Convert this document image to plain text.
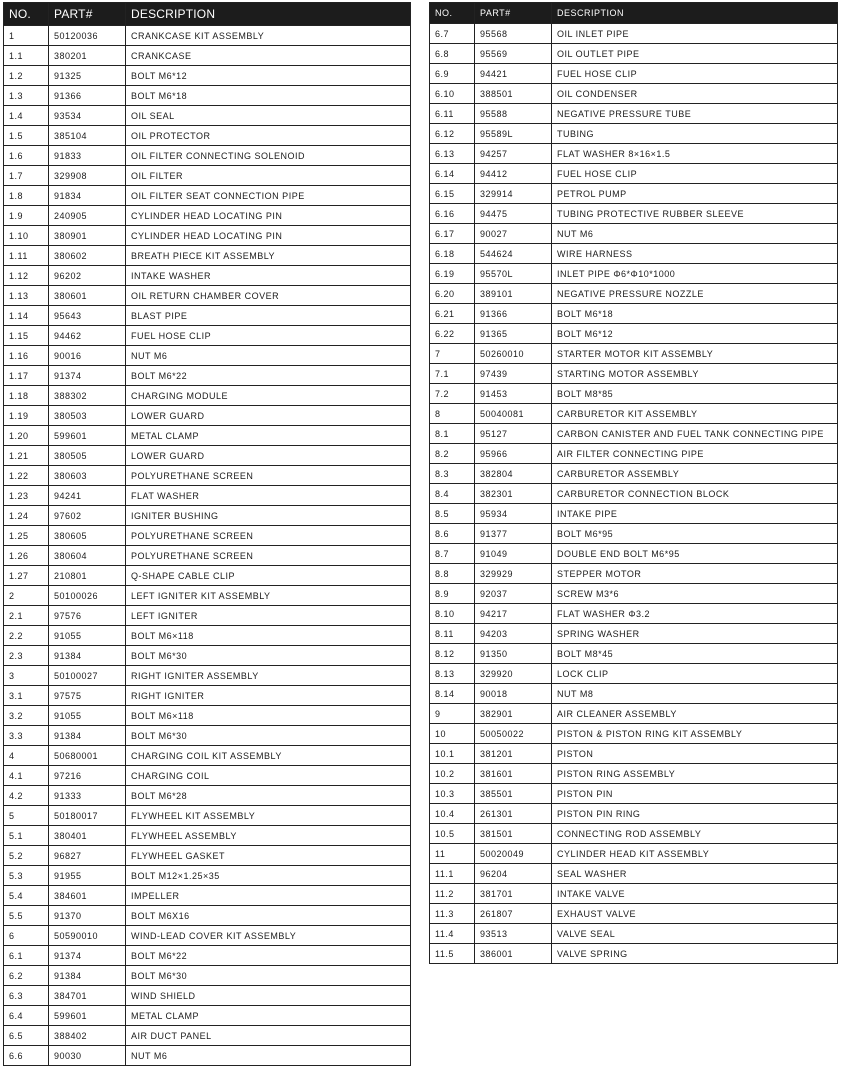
NO.	PART#	DESCRIPTION
1	50120036	CRANKCASE KIT ASSEMBLY
1.1	380201	CRANKCASE
1.2	91325	BOLT M6*12
1.3	91366	BOLT M6*18
1.4	93534	OIL SEAL
1.5	385104	OIL PROTECTOR
1.6	91833	OIL FILTER CONNECTING SOLENOID
1.7	329908	OIL FILTER
1.8	91834	OIL FILTER SEAT CONNECTION PIPE
1.9	240905	CYLINDER HEAD LOCATING PIN
1.10	380901	CYLINDER HEAD LOCATING PIN
1.11	380602	BREATH PIECE KIT ASSEMBLY
1.12	96202	INTAKE WASHER
1.13	380601	OIL RETURN CHAMBER COVER
1.14	95643	BLAST PIPE
1.15	94462	FUEL HOSE CLIP
1.16	90016	NUT M6
1.17	91374	BOLT M6*22
1.18	388302	CHARGING MODULE
1.19	380503	LOWER GUARD
1.20	599601	METAL CLAMP
1.21	380505	LOWER GUARD
1.22	380603	POLYURETHANE SCREEN
1.23	94241	FLAT WASHER
1.24	97602	IGNITER BUSHING
1.25	380605	POLYURETHANE SCREEN
1.26	380604	POLYURETHANE SCREEN
1.27	210801	Q-SHAPE CABLE CLIP
2	50100026	LEFT IGNITER KIT ASSEMBLY
2.1	97576	LEFT IGNITER
2.2	91055	BOLT M6×118
2.3	91384	BOLT M6*30
3	50100027	RIGHT IGNITER ASSEMBLY
3.1	97575	RIGHT IGNITER
3.2	91055	BOLT M6×118
3.3	91384	BOLT M6*30
4	50680001	CHARGING COIL KIT ASSEMBLY
4.1	97216	CHARGING COIL
4.2	91333	BOLT M6*28
5	50180017	FLYWHEEL KIT ASSEMBLY
5.1	380401	FLYWHEEL ASSEMBLY
5.2	96827	FLYWHEEL GASKET
5.3	91955	BOLT M12×1.25×35
5.4	384601	IMPELLER
5.5	91370	BOLT M6X16
6	50590010	WIND-LEAD COVER KIT ASSEMBLY
6.1	91374	BOLT M6*22
6.2	91384	BOLT M6*30
6.3	384701	WIND SHIELD
6.4	599601	METAL CLAMP
6.5	388402	AIR DUCT PANEL
6.6	90030	NUT M6
NO.	PART#	DESCRIPTION
6.7	95568	OIL INLET PIPE
6.8	95569	OIL OUTLET PIPE
6.9	94421	FUEL HOSE CLIP
6.10	388501	OIL CONDENSER
6.11	95588	NEGATIVE PRESSURE TUBE
6.12	95589L	TUBING
6.13	94257	FLAT WASHER 8×16×1.5
6.14	94412	FUEL HOSE CLIP
6.15	329914	PETROL PUMP
6.16	94475	TUBING PROTECTIVE RUBBER SLEEVE
6.17	90027	NUT M6
6.18	544624	WIRE HARNESS
6.19	95570L	INLET PIPE Φ6*Φ10*1000
6.20	389101	NEGATIVE PRESSURE NOZZLE
6.21	91366	BOLT M6*18
6.22	91365	BOLT M6*12
7	50260010	STARTER MOTOR KIT ASSEMBLY
7.1	97439	STARTING MOTOR ASSEMBLY
7.2	91453	BOLT M8*85
8	50040081	CARBURETOR KIT ASSEMBLY
8.1	95127	CARBON CANISTER AND FUEL TANK CONNECTING PIPE
8.2	95966	AIR FILTER CONNECTING PIPE
8.3	382804	CARBURETOR ASSEMBLY
8.4	382301	CARBURETOR CONNECTION BLOCK
8.5	95934	INTAKE PIPE
8.6	91377	BOLT M6*95
8.7	91049	DOUBLE END BOLT M6*95
8.8	329929	STEPPER MOTOR
8.9	92037	SCREW M3*6
8.10	94217	FLAT WASHER Φ3.2
8.11	94203	SPRING WASHER
8.12	91350	BOLT M8*45
8.13	329920	LOCK CLIP
8.14	90018	NUT M8
9	382901	AIR CLEANER ASSEMBLY
10	50050022	PISTON & PISTON RING KIT ASSEMBLY
10.1	381201	PISTON
10.2	381601	PISTON RING ASSEMBLY
10.3	385501	PISTON PIN
10.4	261301	PISTON PIN RING
10.5	381501	CONNECTING ROD ASSEMBLY
11	50020049	CYLINDER HEAD KIT ASSEMBLY
11.1	96204	SEAL WASHER
11.2	381701	INTAKE VALVE
11.3	261807	EXHAUST VALVE
11.4	93513	VALVE SEAL
11.5	386001	VALVE SPRING
